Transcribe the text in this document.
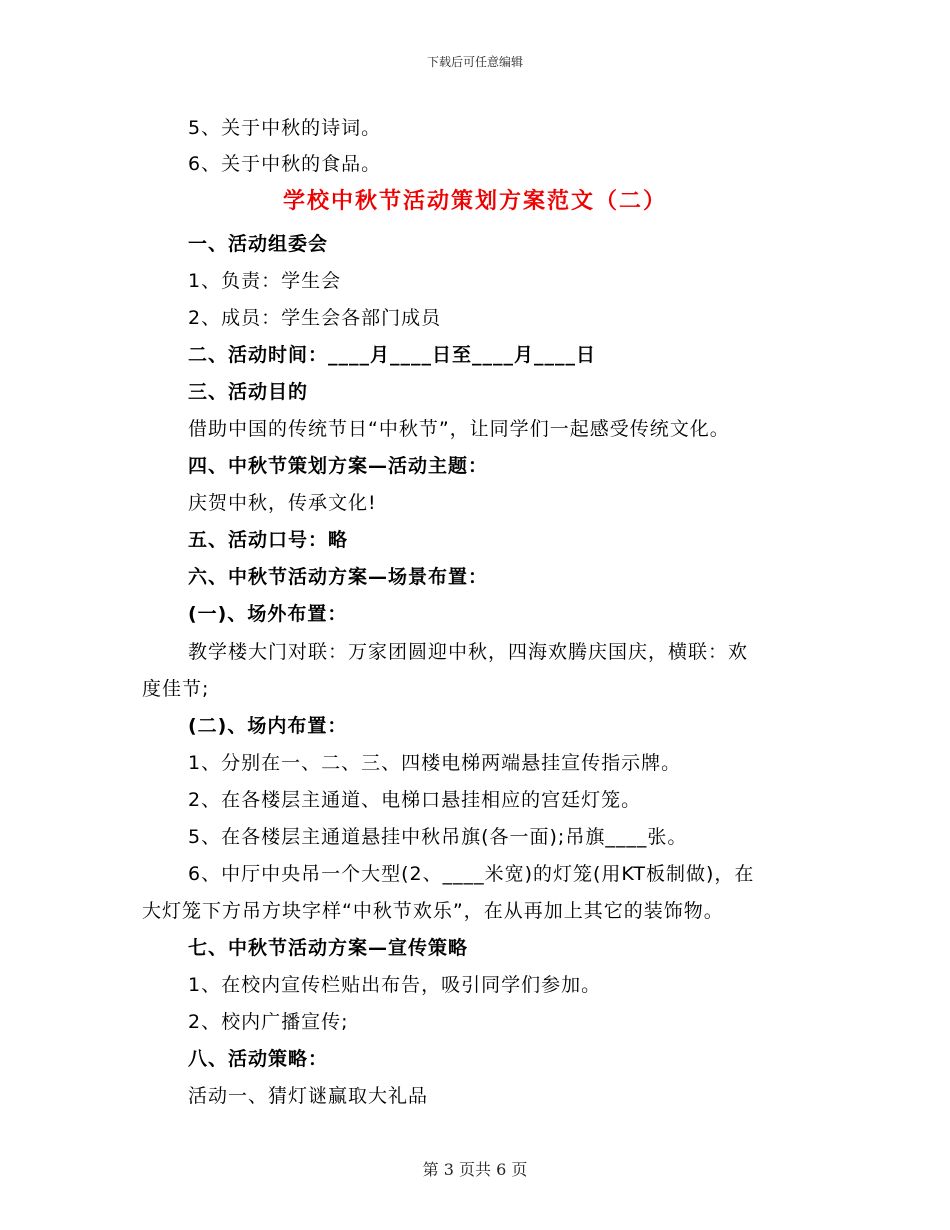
下载后可任意编辑
5、关于中秋的诗词。
6、关于中秋的食品。
学校中秋节活动策划方案范文（二）
一、活动组委会
1、负责：学生会
2、成员：学生会各部门成员
二、活动时间：____月____日至____月____日
三、活动目的
借助中国的传统节日“中秋节”，让同学们一起感受传统文化。
四、中秋节策划方案—活动主题：
庆贺中秋，传承文化!
五、活动口号：略
六、中秋节活动方案—场景布置：
(一)、场外布置：
教学楼大门对联：万家团圆迎中秋，四海欢腾庆国庆，横联：欢
度佳节;
(二)、场内布置：
1、分别在一、二、三、四楼电梯两端悬挂宣传指示牌。
2、在各楼层主通道、电梯口悬挂相应的宫廷灯笼。
5、在各楼层主通道悬挂中秋吊旗(各一面);吊旗____张。
6、中厅中央吊一个大型(2、____米宽)的灯笼(用KT板制做)，在
大灯笼下方吊方块字样“中秋节欢乐”，在从再加上其它的装饰物。
七、中秋节活动方案—宣传策略
1、在校内宣传栏贴出布告，吸引同学们参加。
2、校内广播宣传;
八、活动策略：
活动一、猜灯谜赢取大礼品
第 3 页共 6 页
